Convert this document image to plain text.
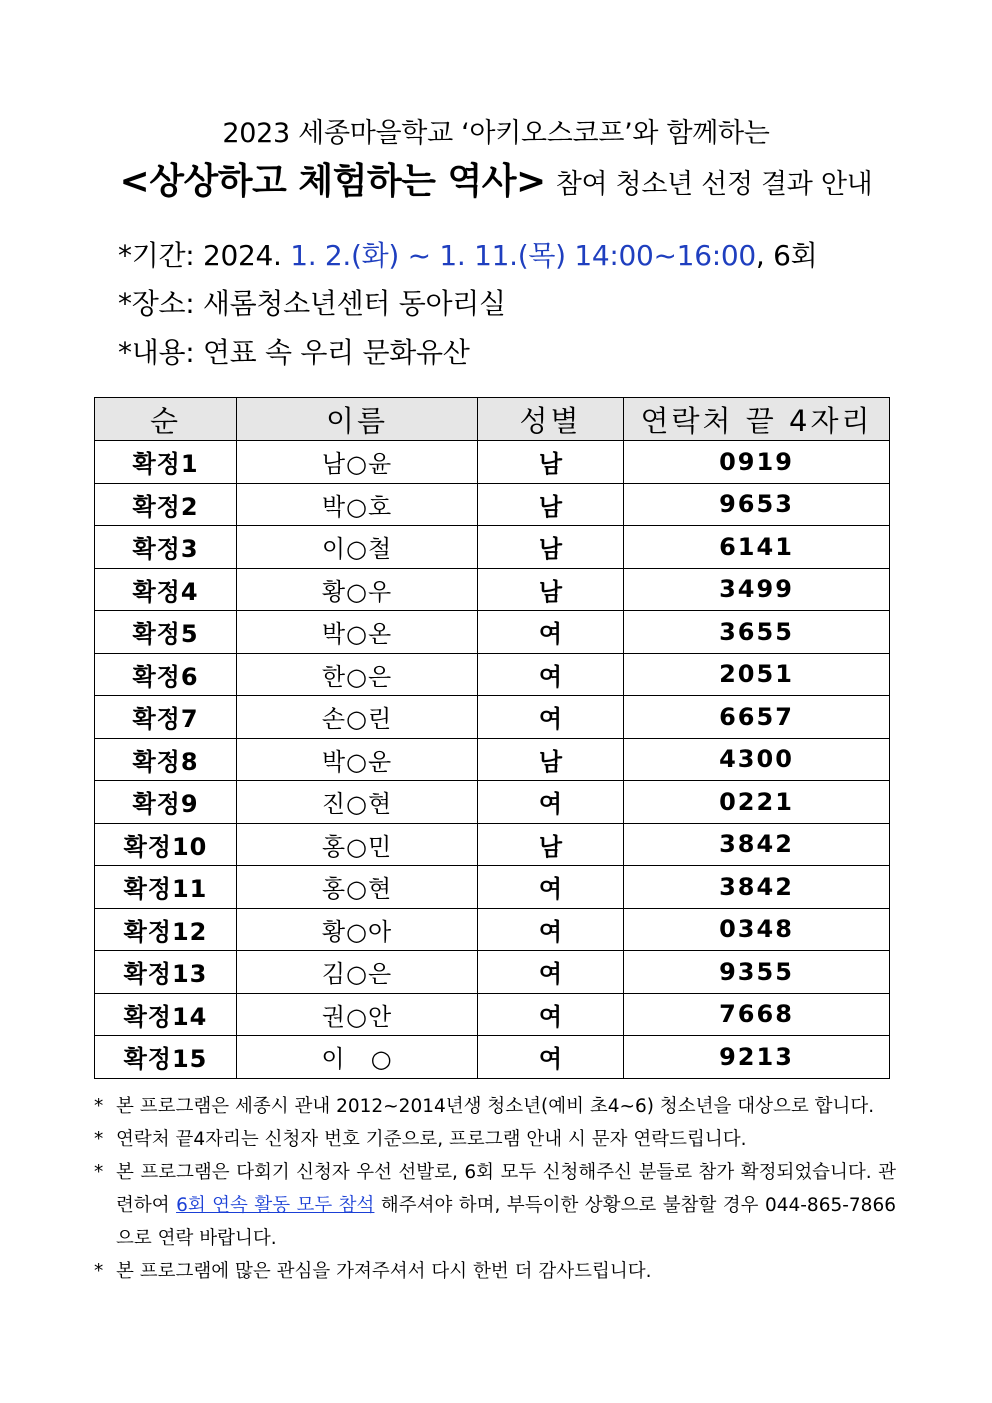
2023 세종마을학교 ‘아키오스코프’와 함께하는
<상상하고 체험하는 역사> 참여 청소년 선정 결과 안내
*기간: 2024. 1. 2.(화) ~ 1. 11.(목) 14:00~16:00, 6회
*장소: 새롬청소년센터 동아리실
*내용: 연표 속 우리 문화유산
순	이름	성별	연락처 끝 4자리
확정1	남○윤	남	0919
확정2	박○호	남	9653
확정3	이○철	남	6141
확정4	황○우	남	3499
확정5	박○온	여	3655
확정6	한○은	여	2051
확정7	손○린	여	6657
확정8	박○운	남	4300
확정9	진○현	여	0221
확정10	홍○민	남	3842
확정11	홍○현	여	3842
확정12	황○아	여	0348
확정13	김○은	여	9355
확정14	권○안	여	7668
확정15	이　○	여	9213
* 본 프로그램은 세종시 관내 2012~2014년생 청소년(예비 초4~6) 청소년을 대상으로 합니다.
* 연락처 끝4자리는 신청자 번호 기준으로, 프로그램 안내 시 문자 연락드립니다.
* 본 프로그램은 다회기 신청자 우선 선발로, 6회 모두 신청해주신 분들로 참가 확정되었습니다. 관련하여 6회 연속 활동 모두 참석 해주셔야 하며, 부득이한 상황으로 불참할 경우 044-865-7866 으로 연락 바랍니다.
* 본 프로그램에 많은 관심을 가져주셔서 다시 한번 더 감사드립니다.
